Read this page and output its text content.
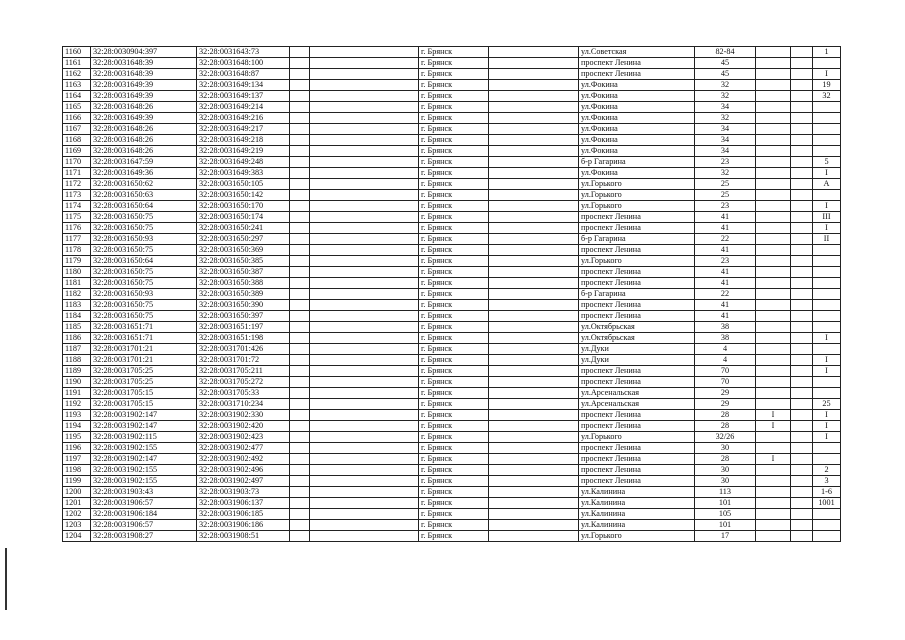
1160	32:28:0030904:397	32:28:0031643:73			г. Брянск		ул.Советская	82-84			1
1161	32:28:0031648:39	32:28:0031648:100			г. Брянск		проспект Ленина	45			
1162	32:28:0031648:39	32:28:0031648:87			г. Брянск		проспект Ленина	45			I
1163	32:28:0031649:39	32:28:0031649:134			г. Брянск		ул.Фокина	32			19
1164	32:28:0031649:39	32:28:0031649:137			г. Брянск		ул.Фокина	32			32
1165	32:28:0031648:26	32:28:0031649:214			г. Брянск		ул.Фокина	34			
1166	32:28:0031649:39	32:28:0031649:216			г. Брянск		ул.Фокина	32			
1167	32:28:0031648:26	32:28:0031649:217			г. Брянск		ул.Фокина	34			
1168	32:28:0031648:26	32:28:0031649:218			г. Брянск		ул.Фокина	34			
1169	32:28:0031648:26	32:28:0031649:219			г. Брянск		ул.Фокина	34			
1170	32:28:0031647:59	32:28:0031649:248			г. Брянск		б-р Гагарина	23			5
1171	32:28:0031649:36	32:28:0031649:383			г. Брянск		ул.Фокина	32			I
1172	32:28:0031650:62	32:28:0031650:105			г. Брянск		ул.Горького	25			A
1173	32:28:0031650:63	32:28:0031650:142			г. Брянск		ул.Горького	25			
1174	32:28:0031650:64	32:28:0031650:170			г. Брянск		ул.Горького	23			I
1175	32:28:0031650:75	32:28:0031650:174			г. Брянск		проспект Ленина	41			III
1176	32:28:0031650:75	32:28:0031650:241			г. Брянск		проспект Ленина	41			I
1177	32:28:0031650:93	32:28:0031650:297			г. Брянск		б-р Гагарина	22			II
1178	32:28:0031650:75	32:28:0031650:369			г. Брянск		проспект Ленина	41			
1179	32:28:0031650:64	32:28:0031650:385			г. Брянск		ул.Горького	23			
1180	32:28:0031650:75	32:28:0031650:387			г. Брянск		проспект Ленина	41			
1181	32:28:0031650:75	32:28:0031650:388			г. Брянск		проспект Ленина	41			
1182	32:28:0031650:93	32:28:0031650:389			г. Брянск		б-р Гагарина	22			
1183	32:28:0031650:75	32:28:0031650:390			г. Брянск		проспект Ленина	41			
1184	32:28:0031650:75	32:28:0031650:397			г. Брянск		проспект Ленина	41			
1185	32:28:0031651:71	32:28:0031651:197			г. Брянск		ул.Октябрьская	38			
1186	32:28:0031651:71	32:28:0031651:198			г. Брянск		ул.Октябрьская	38			I
1187	32:28:0031701:21	32:28:0031701:426			г. Брянск		ул.Дуки	4			
1188	32:28:0031701:21	32:28:0031701:72			г. Брянск		ул.Дуки	4			I
1189	32:28:0031705:25	32:28:0031705:211			г. Брянск		проспект Ленина	70			I
1190	32:28:0031705:25	32:28:0031705:272			г. Брянск		проспект Ленина	70			
1191	32:28:0031705:15	32:28:0031705:33			г. Брянск		ул.Арсенальская	29			
1192	32:28:0031705:15	32:28:0031710:234			г. Брянск		ул.Арсенальская	29			25
1193	32:28:0031902:147	32:28:0031902:330			г. Брянск		проспект Ленина	28	I		I
1194	32:28:0031902:147	32:28:0031902:420			г. Брянск		проспект Ленина	28	I		I
1195	32:28:0031902:115	32:28:0031902:423			г. Брянск		ул.Горького	32/26			I
1196	32:28:0031902:155	32:28:0031902:477			г. Брянск		проспект Ленина	30			
1197	32:28:0031902:147	32:28:0031902:492			г. Брянск		проспект Ленина	28	I		
1198	32:28:0031902:155	32:28:0031902:496			г. Брянск		проспект Ленина	30			2
1199	32:28:0031902:155	32:28:0031902:497			г. Брянск		проспект Ленина	30			3
1200	32:28:0031903:43	32:28:0031903:73			г. Брянск		ул.Калинина	113			1-6
1201	32:28:0031906:57	32:28:0031906:137			г. Брянск		ул.Калинина	101			1001
1202	32:28:0031906:184	32:28:0031906:185			г. Брянск		ул.Калинина	105			
1203	32:28:0031906:57	32:28:0031906:186			г. Брянск		ул.Калинина	101			
1204	32:28:0031908:27	32:28:0031908:51			г. Брянск		ул.Горького	17			
